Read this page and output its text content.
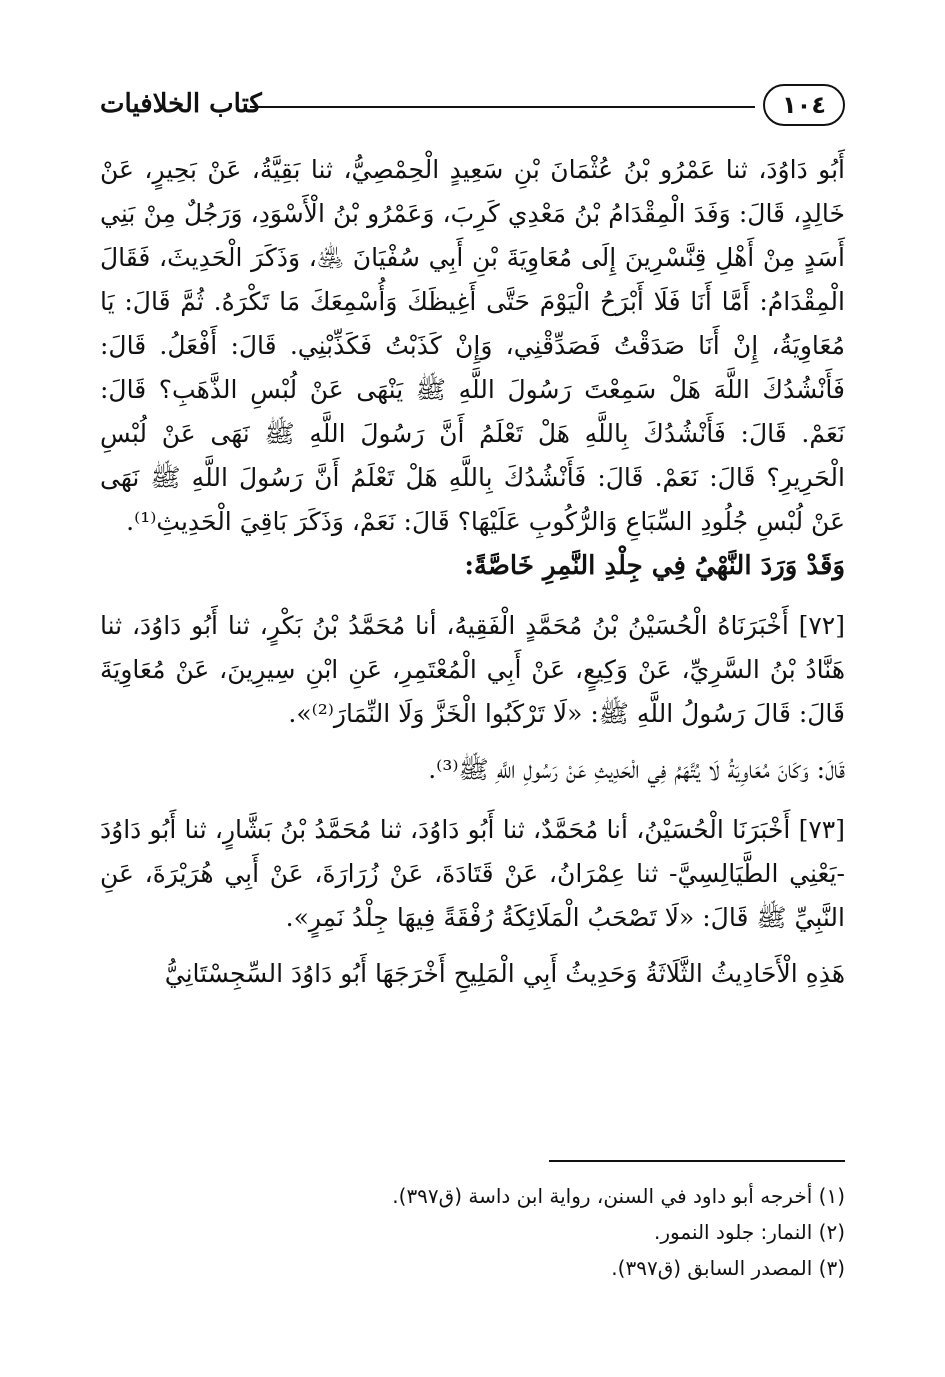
١٠٤
كتاب الخلافيات

أَبُو دَاوُدَ، ثنا عَمْرُو بْنُ عُثْمَانَ بْنِ سَعِيدٍ الْحِمْصِيُّ، ثنا بَقِيَّةُ، عَنْ بَحِيرٍ، عَنْ خَالِدٍ، قَالَ: وَفَدَ الْمِقْدَامُ بْنُ مَعْدِي كَرِبَ، وَعَمْرُو بْنُ الْأَسْوَدِ، وَرَجُلٌ مِنْ بَنِي أَسَدٍ مِنْ أَهْلِ قِنَّسْرِينَ إِلَى مُعَاوِيَةَ بْنِ أَبِي سُفْيَانَ ﵁، وَذَكَرَ الْحَدِيثَ، فَقَالَ الْمِقْدَامُ: أَمَّا أَنَا فَلَا أَبْرَحُ الْيَوْمَ حَتَّى أَغِيظَكَ وَأُسْمِعَكَ مَا تَكْرَهُ. ثُمَّ قَالَ: يَا مُعَاوِيَةُ، إِنْ أَنَا صَدَقْتُ فَصَدِّقْنِي، وَإِنْ كَذَبْتُ فَكَذِّبْنِي. قَالَ: أَفْعَلُ. قَالَ: فَأَنْشُدُكَ اللَّهَ هَلْ سَمِعْتَ رَسُولَ اللَّهِ ﷺ يَنْهَى عَنْ لُبْسِ الذَّهَبِ؟ قَالَ: نَعَمْ. قَالَ: فَأَنْشُدُكَ بِاللَّهِ هَلْ تَعْلَمُ أَنَّ رَسُولَ اللَّهِ ﷺ نَهَى عَنْ لُبْسِ الْحَرِيرِ؟ قَالَ: نَعَمْ. قَالَ: فَأَنْشُدُكَ بِاللَّهِ هَلْ تَعْلَمُ أَنَّ رَسُولَ اللَّهِ ﷺ نَهَى عَنْ لُبْسِ جُلُودِ السِّبَاعِ وَالرُّكُوبِ عَلَيْهَا؟ قَالَ: نَعَمْ، وَذَكَرَ بَاقِيَ الْحَدِيثِ⁽¹⁾.

وَقَدْ وَرَدَ النَّهْيُ فِي جِلْدِ النَّمِرِ خَاصَّةً:

[٧٢] أَخْبَرَنَاهُ الْحُسَيْنُ بْنُ مُحَمَّدٍ الْفَقِيهُ، أنا مُحَمَّدُ بْنُ بَكْرٍ، ثنا أَبُو دَاوُدَ، ثنا هَنَّادُ بْنُ السَّرِيِّ، عَنْ وَكِيعٍ، عَنْ أَبِي الْمُعْتَمِرِ، عَنِ ابْنِ سِيرِينَ، عَنْ مُعَاوِيَةَ قَالَ: قَالَ رَسُولُ اللَّهِ ﷺ: «لَا تَرْكَبُوا الْخَزَّ وَلَا النِّمَارَ⁽²⁾».

قَالَ: وَكَانَ مُعَاوِيَةُ لَا يُتَّهَمُ فِي الْحَدِيثِ عَنْ رَسُولِ اللَّهِ ﷺ⁽³⁾.

[٧٣] أَخْبَرَنَا الْحُسَيْنُ، أنا مُحَمَّدٌ، ثنا أَبُو دَاوُدَ، ثنا مُحَمَّدُ بْنُ بَشَّارٍ، ثنا أَبُو دَاوُدَ -يَعْنِي الطَّيَالِسِيَّ- ثنا عِمْرَانُ، عَنْ قَتَادَةَ، عَنْ زُرَارَةَ، عَنْ أَبِي هُرَيْرَةَ، عَنِ النَّبِيِّ ﷺ قَالَ: «لَا تَصْحَبُ الْمَلَائِكَةُ رُفْقَةً فِيهَا جِلْدُ نَمِرٍ».

هَذِهِ الْأَحَادِيثُ الثَّلَاثَةُ وَحَدِيثُ أَبِي الْمَلِيحِ أَخْرَجَهَا أَبُو دَاوُدَ السِّجِسْتَانِيُّ

(١) أخرجه أبو داود في السنن، رواية ابن داسة (ق٣٩٧).
(٢) النمار: جلود النمور.
(٣) المصدر السابق (ق٣٩٧).
